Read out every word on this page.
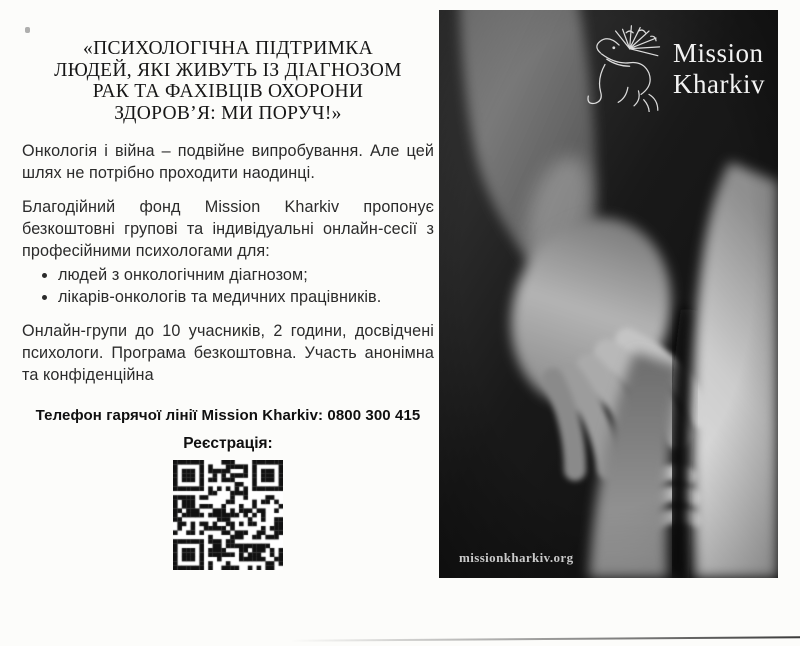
«ПСИХОЛОГІЧНА ПІДТРИМКА
ЛЮДЕЙ, ЯКІ ЖИВУТЬ ІЗ ДІАГНОЗОМ
РАК ТА ФАХІВЦІВ ОХОРОНИ
ЗДОРОВ’Я: МИ ПОРУЧ!»
Онкологія і війна – подвійне випробування. Але цей шлях не потрібно проходити наодинці.
Благодійний фонд Mission Kharkiv пропонує безкоштовні групові та індивідуальні онлайн-сесії з професійними психологами для:
• людей з онкологічним діагнозом;
• лікарів-онкологів та медичних працівників.
Онлайн-групи до 10 учасників, 2 години, досвідчені психологи. Програма безкоштовна. Участь анонімна та конфіденційна
Телефон гарячої лінії Mission Kharkiv: 0800 300 415
Реєстрація:
Mission
Kharkiv
missionkharkiv.org
